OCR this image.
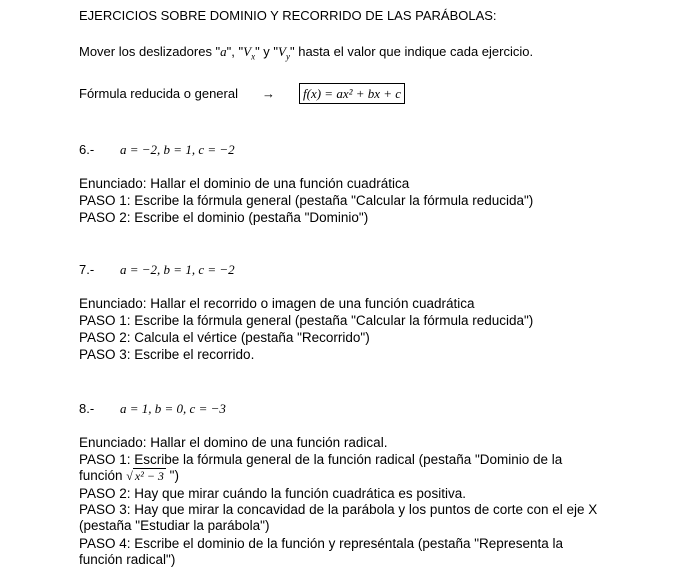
EJERCICIOS SOBRE DOMINIO Y RECORRIDO DE LAS PARÁBOLAS:
Mover los deslizadores "a", "$V_x$" y "$V_y$" hasta el valor que indique cada ejercicio.
Fórmula reducida o general →	f(x) = ax² + bx + c
6.- a = −2, b = 1, c = −2
Enunciado: Hallar el dominio de una función cuadrática
PASO 1: Escribe la fórmula general (pestaña "Calcular la fórmula reducida")
PASO 2: Escribe el dominio (pestaña "Dominio")
7.- a = −2, b = 1, c = −2
Enunciado: Hallar el recorrido o imagen de una función cuadrática
PASO 1: Escribe la fórmula general (pestaña "Calcular la fórmula reducida")
PASO 2: Calcula el vértice (pestaña "Recorrido")
PASO 3: Escribe el recorrido.
8.- a = 1, b = 0, c = −3
Enunciado: Hallar el domino de una función radical.
PASO 1: Escribe la fórmula general de la función radical (pestaña "Dominio de la
función √ x² − 3 ")
PASO 2: Hay que mirar cuándo la función cuadrática es positiva.
PASO 3: Hay que mirar la concavidad de la parábola y los puntos de corte con el eje X
(pestaña "Estudiar la parábola")
PASO 4: Escribe el dominio de la función y represéntala (pestaña "Representa la
función radical")
